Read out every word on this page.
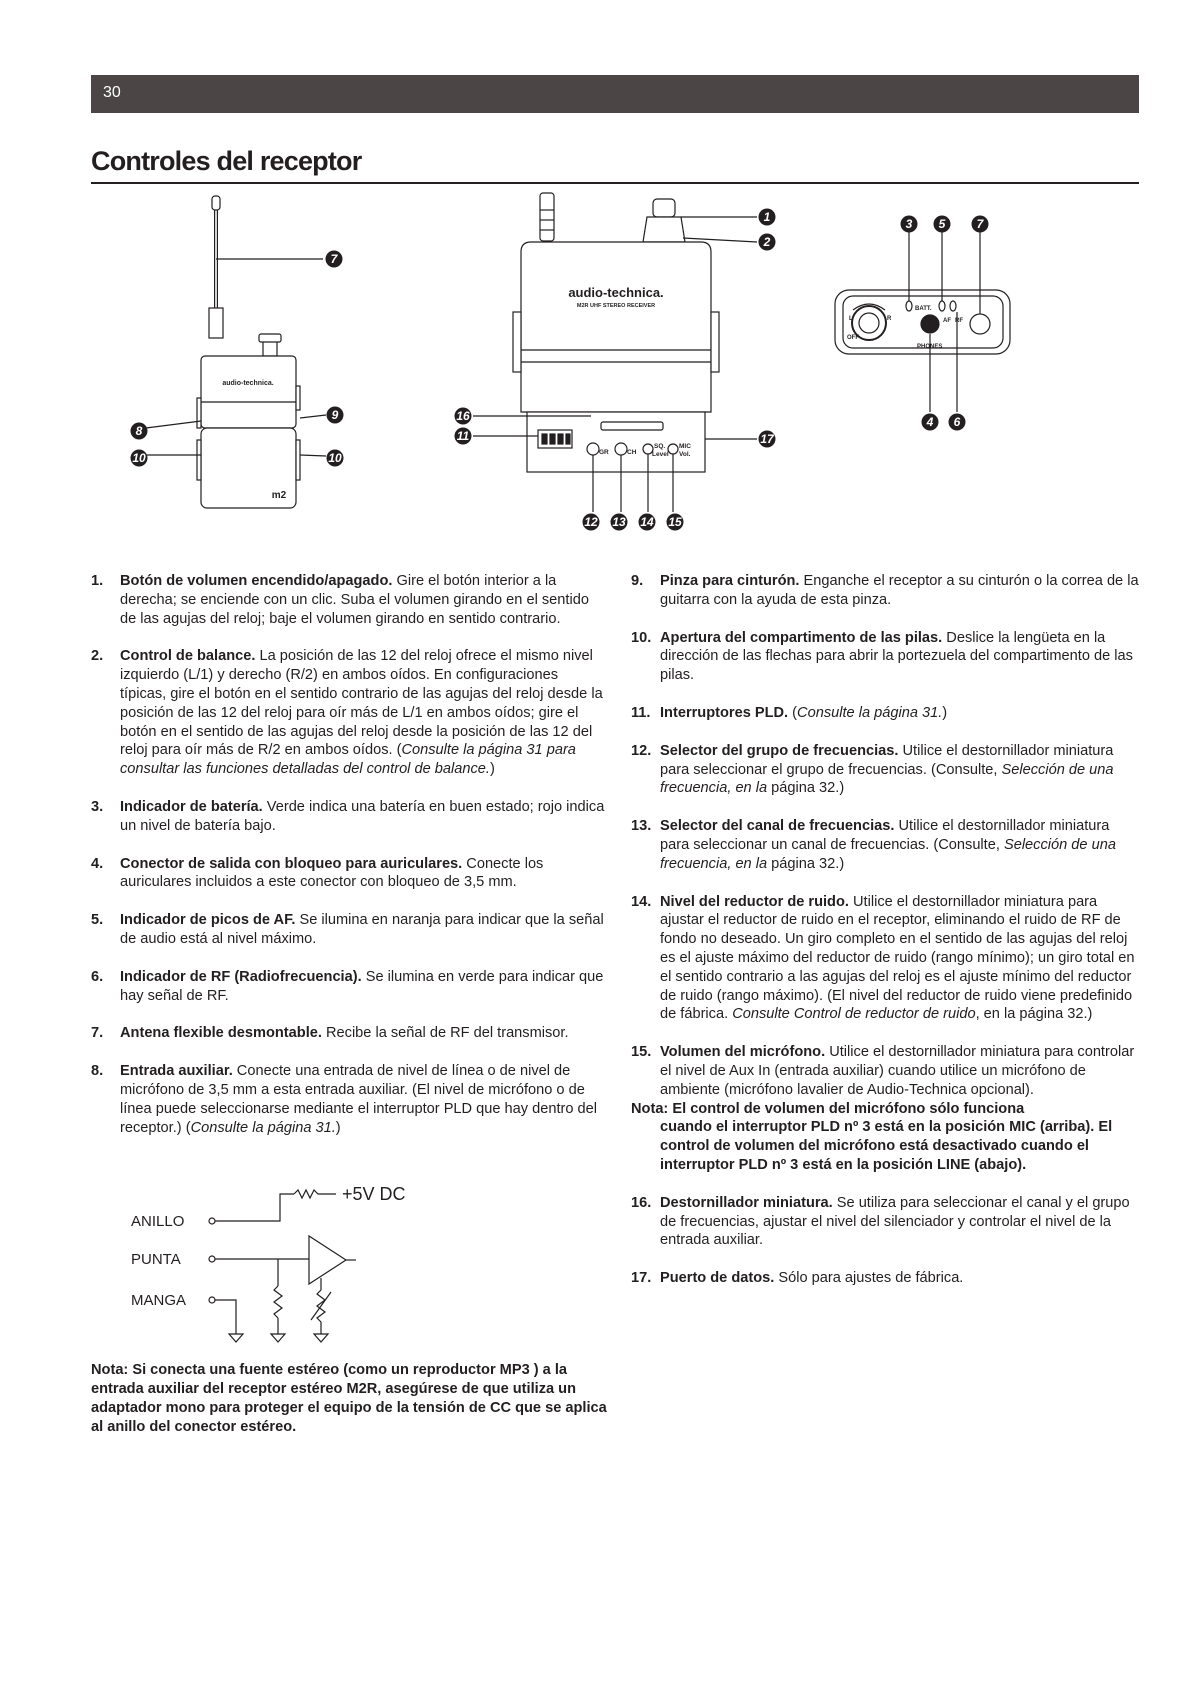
30
Controles del receptor
audio-technica.
m2
7
8
10
9
10
audio-technica.
M2R UHF STEREO RECEIVER
GR	CH
SQ.
Level
MIC
Vol.
1
2
16
11	17
12 13 14 15
BATT.
AF RF
PHONES
OFF
L	R
3 5	7
4 6
1. Botón de volumen encendido/apagado. Gire el botón interior a la derecha; se enciende con un clic. Suba el volumen girando en el sentido de las agujas del reloj; baje el volumen girando en sentido contrario.
2. Control de balance. La posición de las 12 del reloj ofrece el mismo nivel izquierdo (L/1) y derecho (R/2) en ambos oídos. En configuraciones típicas, gire el botón en el sentido contrario de las agujas del reloj desde la posición de las 12 del reloj para oír más de L/1 en ambos oídos; gire el botón en el sentido de las agujas del reloj desde la posición de las 12 del reloj para oír más de R/2 en ambos oídos. (Consulte la página 31 para consultar las funciones detalladas del control de balance.)
3. Indicador de batería. Verde indica una batería en buen estado; rojo indica un nivel de batería bajo.
4. Conector de salida con bloqueo para auriculares. Conecte los auriculares incluidos a este conector con bloqueo de 3,5 mm.
5. Indicador de picos de AF. Se ilumina en naranja para indicar que la señal de audio está al nivel máximo.
6. Indicador de RF (Radiofrecuencia). Se ilumina en verde para indicar que hay señal de RF.
7. Antena flexible desmontable. Recibe la señal de RF del transmisor.
8. Entrada auxiliar. Conecte una entrada de nivel de línea o de nivel de micrófono de 3,5 mm a esta entrada auxiliar. (El nivel de micrófono o de línea puede seleccionarse mediante el interruptor PLD que hay dentro del receptor.) (Consulte la página 31.)
ANILLO
PUNTA
MANGA
+5V DC

Nota: Si conecta una fuente estéreo (como un reproductor MP3 ) a la entrada auxiliar del receptor estéreo M2R, asegúrese de que utiliza un adaptador mono para proteger el equipo de la tensión de CC que se aplica al anillo del conector estéreo.

9. Pinza para cinturón. Enganche el receptor a su cinturón o la correa de la guitarra con la ayuda de esta pinza.
10. Apertura del compartimento de las pilas. Deslice la lengüeta en la dirección de las flechas para abrir la portezuela del compartimento de las pilas.
11. Interruptores PLD. (Consulte la página 31.)
12. Selector del grupo de frecuencias. Utilice el destornillador miniatura para seleccionar el grupo de frecuencias. (Consulte, Selección de una frecuencia, en la página 32.)
13. Selector del canal de frecuencias. Utilice el destornillador miniatura para seleccionar un canal de frecuencias. (Consulte, Selección de una frecuencia, en la página 32.)
14. Nivel del reductor de ruido. Utilice el destornillador miniatura para ajustar el reductor de ruido en el receptor, eliminando el ruido de RF de fondo no deseado. Un giro completo en el sentido de las agujas del reloj es el ajuste máximo del reductor de ruido (rango mínimo); un giro total en el sentido contrario a las agujas del reloj es el ajuste mínimo del reductor de ruido (rango máximo). (El nivel del reductor de ruido viene predefinido de fábrica. Consulte Control de reductor de ruido, en la página 32.)
15. Volumen del micrófono. Utilice el destornillador miniatura para controlar el nivel de Aux In (entrada auxiliar) cuando utilice un micrófono de ambiente (micrófono lavalier de Audio-Technica opcional).
Nota: El control de volumen del micrófono sólo funciona
cuando el interruptor PLD nº 3 está en la posición MIC (arriba). El control de volumen del micrófono está desactivado cuando el interruptor PLD nº 3 está en la posición LINE (abajo).
16. Destornillador miniatura. Se utiliza para seleccionar el canal y el grupo de frecuencias, ajustar el nivel del silenciador y controlar el nivel de la entrada auxiliar.
17. Puerto de datos. Sólo para ajustes de fábrica.
